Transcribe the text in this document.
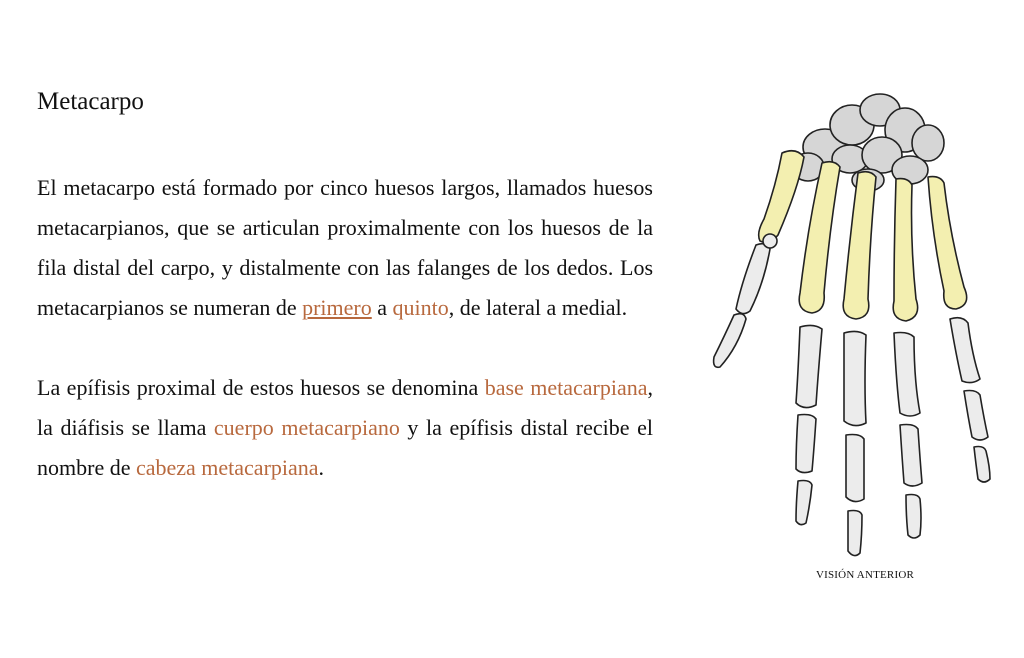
Metacarpo

El metacarpo está formado por cinco huesos largos, llamados huesos metacarpianos, que se articulan proximalmente con los huesos de la fila distal del carpo, y distalmente con las falanges de los dedos. Los metacarpianos se numeran de primero a quinto, de lateral a medial.

La epífisis proximal de estos huesos se denomina base metacarpiana, la diáfisis se llama cuerpo metacarpiano y la epífisis distal recibe el nombre de cabeza metacarpiana.

VISIÓN ANTERIOR
